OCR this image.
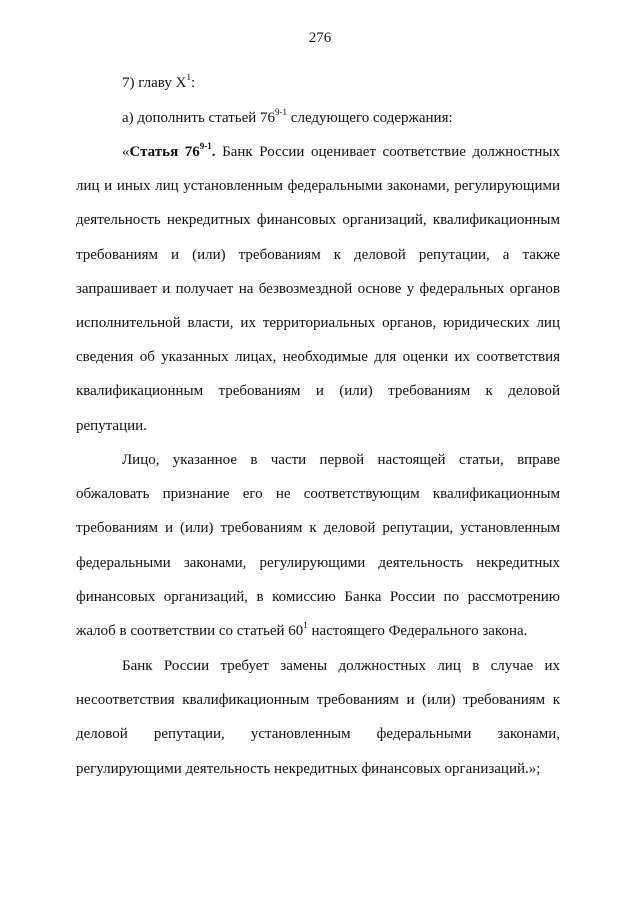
276

7) главу $Х^1$:

а) дополнить статьей 76$^{9-1}$ следующего содержания:

«Статья 76$^{9-1}$. Банк России оценивает соответствие должностных лиц и иных лиц установленным федеральными законами, регулирующими деятельность некредитных финансовых организаций, квалификационным требованиям и (или) требованиям к деловой репутации, а также запрашивает и получает на безвозмездной основе у федеральных органов исполнительной власти, их территориальных органов, юридических лиц сведения об указанных лицах, необходимые для оценки их соответствия квалификационным требованиям и (или) требованиям к деловой репутации.

Лицо, указанное в части первой настоящей статьи, вправе обжаловать признание его не соответствующим квалификационным требованиям и (или) требованиям к деловой репутации, установленным федеральными законами, регулирующими деятельность некредитных финансовых организаций, в комиссию Банка России по рассмотрению жалоб в соответствии со статьей $60^1$ настоящего Федерального закона.

Банк России требует замены должностных лиц в случае их несоответствия квалификационным требованиям и (или) требованиям к деловой репутации, установленным федеральными законами, регулирующими деятельность некредитных финансовых организаций.»;
